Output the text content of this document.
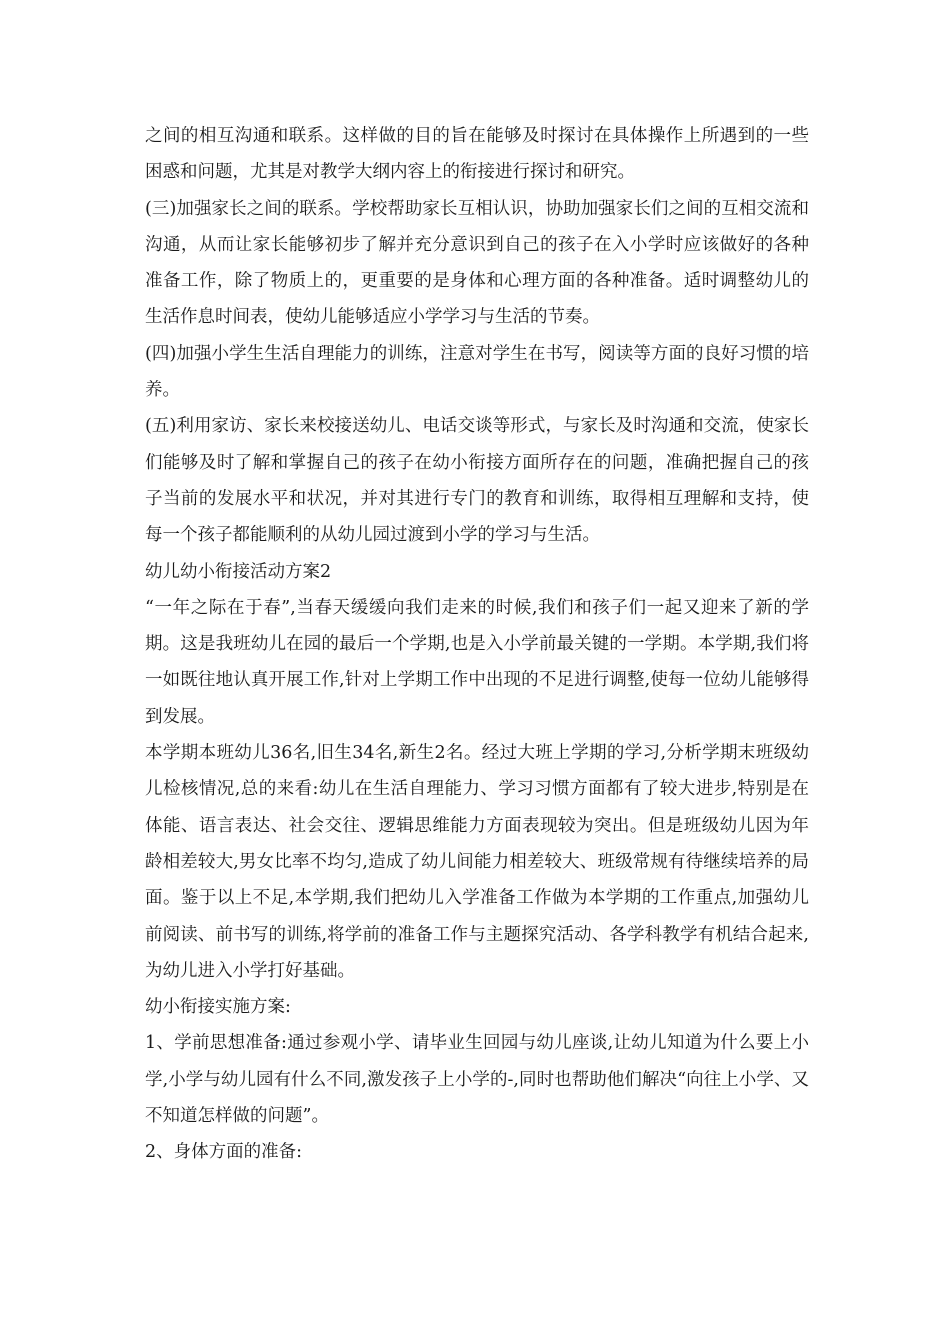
之间的相互沟通和联系。这样做的目的旨在能够及时探讨在具体操作上所遇到的一些困惑和问题，尤其是对教学大纲内容上的衔接进行探讨和研究。

(三)加强家长之间的联系。学校帮助家长互相认识，协助加强家长们之间的互相交流和沟通，从而让家长能够初步了解并充分意识到自己的孩子在入小学时应该做好的各种准备工作，除了物质上的，更重要的是身体和心理方面的各种准备。适时调整幼儿的生活作息时间表，使幼儿能够适应小学学习与生活的节奏。

(四)加强小学生生活自理能力的训练，注意对学生在书写，阅读等方面的良好习惯的培养。

(五)利用家访、家长来校接送幼儿、电话交谈等形式，与家长及时沟通和交流，使家长们能够及时了解和掌握自己的孩子在幼小衔接方面所存在的问题，准确把握自己的孩子当前的发展水平和状况，并对其进行专门的教育和训练，取得相互理解和支持，使每一个孩子都能顺利的从幼儿园过渡到小学的学习与生活。

幼儿幼小衔接活动方案2

“一年之际在于春”,当春天缓缓向我们走来的时候,我们和孩子们一起又迎来了新的学期。这是我班幼儿在园的最后一个学期,也是入小学前最关键的一学期。本学期,我们将一如既往地认真开展工作,针对上学期工作中出现的不足进行调整,使每一位幼儿能够得到发展。

本学期本班幼儿36名,旧生34名,新生2名。经过大班上学期的学习,分析学期末班级幼儿检核情况,总的来看:幼儿在生活自理能力、学习习惯方面都有了较大进步,特别是在体能、语言表达、社会交往、逻辑思维能力方面表现较为突出。但是班级幼儿因为年龄相差较大,男女比率不均匀,造成了幼儿间能力相差较大、班级常规有待继续培养的局面。鉴于以上不足,本学期,我们把幼儿入学准备工作做为本学期的工作重点,加强幼儿前阅读、前书写的训练,将学前的准备工作与主题探究活动、各学科教学有机结合起来,为幼儿进入小学打好基础。

幼小衔接实施方案:

1、学前思想准备:通过参观小学、请毕业生回园与幼儿座谈,让幼儿知道为什么要上小学,小学与幼儿园有什么不同,激发孩子上小学的-,同时也帮助他们解决“向往上小学、又不知道怎样做的问题”。

2、身体方面的准备:
